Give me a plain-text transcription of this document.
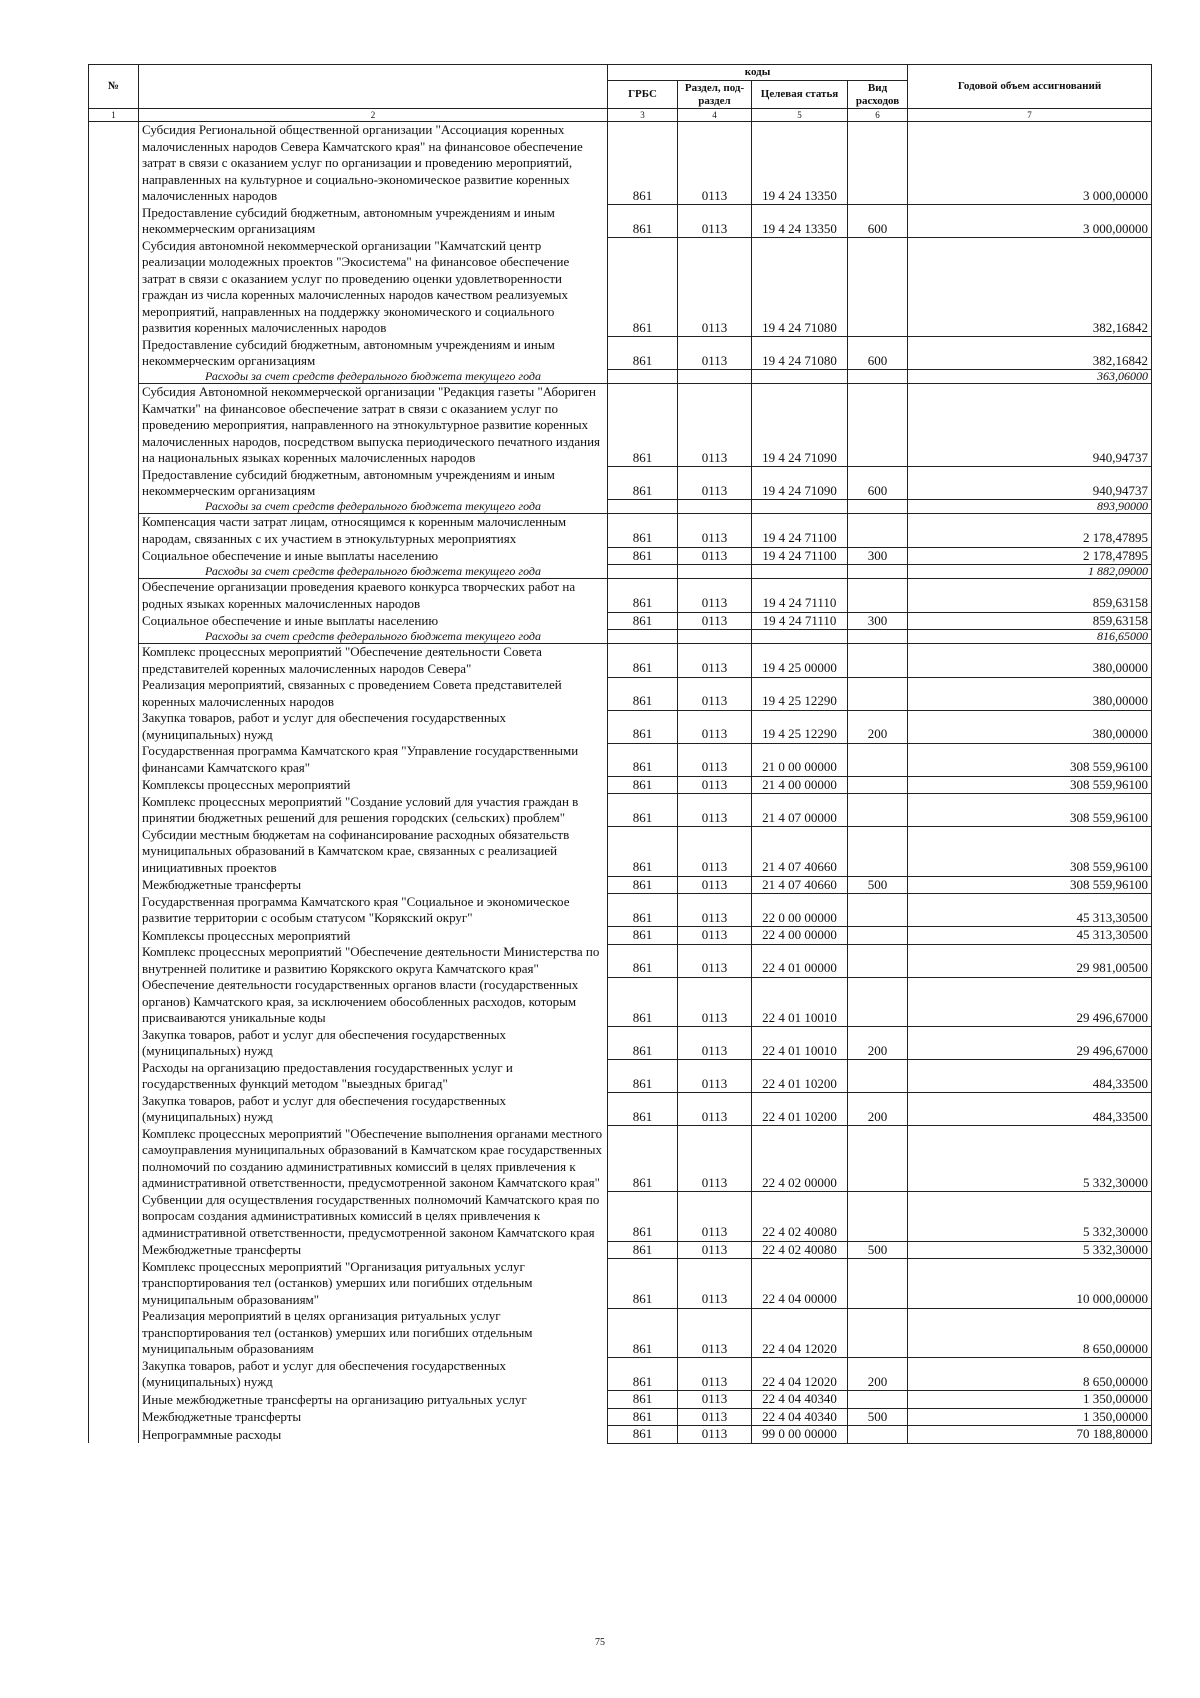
№		коды				Годовой объем ассигнований
		ГРБС	Раздел, под-раздел	Целевая статья	Вид расходов	
1	2	3	4	5	6	7
	Субсидия Региональной общественной организации "Ассоциация коренных малочисленных народов Севера Камчатского края" на финансовое обеспечение затрат в связи с оказанием услуг по организации и проведению мероприятий, направленных на культурное и социально-экономическое развитие коренных малочисленных народов	861	0113	19 4 24 13350		3 000,00000
	Предоставление субсидий бюджетным, автономным учреждениям и иным некоммерческим организациям	861	0113	19 4 24 13350	600	3 000,00000
	Субсидия автономной некоммерческой организации "Камчатский центр реализации молодежных проектов "Экосистема" на финансовое обеспечение затрат в связи с оказанием услуг по проведению оценки удовлетворенности граждан из числа коренных малочисленных народов качеством реализуемых мероприятий, направленных на поддержку экономического и социального развития коренных малочисленных народов	861	0113	19 4 24 71080		382,16842
	Предоставление субсидий бюджетным, автономным учреждениям и иным некоммерческим организациям	861	0113	19 4 24 71080	600	382,16842
	Расходы за счет средств федерального бюджета текущего года					363,06000
	Субсидия Автономной некоммерческой организации "Редакция газеты "Абориген Камчатки" на финансовое обеспечение затрат в связи с оказанием услуг по проведению мероприятия, направленного на этнокультурное развитие коренных малочисленных народов, посредством выпуска периодического печатного издания на национальных языках коренных малочисленных народов	861	0113	19 4 24 71090		940,94737
	Предоставление субсидий бюджетным, автономным учреждениям и иным некоммерческим организациям	861	0113	19 4 24 71090	600	940,94737
	Расходы за счет средств федерального бюджета текущего года					893,90000
	Компенсация части затрат лицам, относящимся к коренным малочисленным народам, связанных с их участием в этнокультурных мероприятиях	861	0113	19 4 24 71100		2 178,47895
	Социальное обеспечение и иные выплаты населению	861	0113	19 4 24 71100	300	2 178,47895
	Расходы за счет средств федерального бюджета текущего года					1 882,09000
	Обеспечение организации проведения краевого конкурса творческих работ на родных языках коренных малочисленных народов	861	0113	19 4 24 71110		859,63158
	Социальное обеспечение и иные выплаты населению	861	0113	19 4 24 71110	300	859,63158
	Расходы за счет средств федерального бюджета текущего года					816,65000
	Комплекс процессных мероприятий "Обеспечение деятельности Совета представителей коренных малочисленных народов Севера"	861	0113	19 4 25 00000		380,00000
	Реализация мероприятий, связанных с проведением Совета представителей коренных малочисленных народов	861	0113	19 4 25 12290		380,00000
	Закупка товаров, работ и услуг для обеспечения государственных (муниципальных) нужд	861	0113	19 4 25 12290	200	380,00000
	Государственная программа Камчатского края "Управление государственными финансами Камчатского края"	861	0113	21 0 00 00000		308 559,96100
	Комплексы процессных мероприятий	861	0113	21 4 00 00000		308 559,96100
	Комплекс процессных мероприятий "Создание условий для участия граждан в принятии бюджетных решений для решения городских (сельских) проблем"	861	0113	21 4 07 00000		308 559,96100
	Субсидии местным бюджетам на софинансирование расходных обязательств муниципальных образований в Камчатском крае, связанных с реализацией инициативных проектов	861	0113	21 4 07 40660		308 559,96100
	Межбюджетные трансферты	861	0113	21 4 07 40660	500	308 559,96100
	Государственная программа Камчатского края "Социальное и экономическое развитие территории с особым статусом "Корякский округ"	861	0113	22 0 00 00000		45 313,30500
	Комплексы процессных мероприятий	861	0113	22 4 00 00000		45 313,30500
	Комплекс процессных мероприятий "Обеспечение деятельности Министерства по внутренней политике и развитию Корякского округа Камчатского края"	861	0113	22 4 01 00000		29 981,00500
	Обеспечение деятельности государственных органов власти (государственных органов) Камчатского края, за исключением обособленных расходов, которым присваиваются уникальные коды	861	0113	22 4 01 10010		29 496,67000
	Закупка товаров, работ и услуг для обеспечения государственных (муниципальных) нужд	861	0113	22 4 01 10010	200	29 496,67000
	Расходы на организацию предоставления государственных услуг и государственных функций методом "выездных бригад"	861	0113	22 4 01 10200		484,33500
	Закупка товаров, работ и услуг для обеспечения государственных (муниципальных) нужд	861	0113	22 4 01 10200	200	484,33500
	Комплекс процессных мероприятий "Обеспечение выполнения органами местного самоуправления муниципальных образований в Камчатском крае государственных полномочий по созданию административных комиссий в целях привлечения к административной ответственности, предусмотренной законом Камчатского края"	861	0113	22 4 02 00000		5 332,30000
	Субвенции для осуществления государственных полномочий Камчатского края по вопросам создания административных комиссий в целях привлечения к административной ответственности, предусмотренной законом Камчатского края	861	0113	22 4 02 40080		5 332,30000
	Межбюджетные трансферты	861	0113	22 4 02 40080	500	5 332,30000
	Комплекс процессных мероприятий "Организация ритуальных услуг транспортирования тел (останков) умерших или погибших отдельным муниципальным образованиям"	861	0113	22 4 04 00000		10 000,00000
	Реализация мероприятий в целях организация ритуальных услуг транспортирования тел (останков) умерших или погибших отдельным муниципальным образованиям	861	0113	22 4 04 12020		8 650,00000
	Закупка товаров, работ и услуг для обеспечения государственных (муниципальных) нужд	861	0113	22 4 04 12020	200	8 650,00000
	Иные межбюджетные трансферты на организацию ритуальных услуг	861	0113	22 4 04 40340		1 350,00000
	Межбюджетные трансферты	861	0113	22 4 04 40340	500	1 350,00000
	Непрограммные расходы	861	0113	99 0 00 00000		70 188,80000
75
